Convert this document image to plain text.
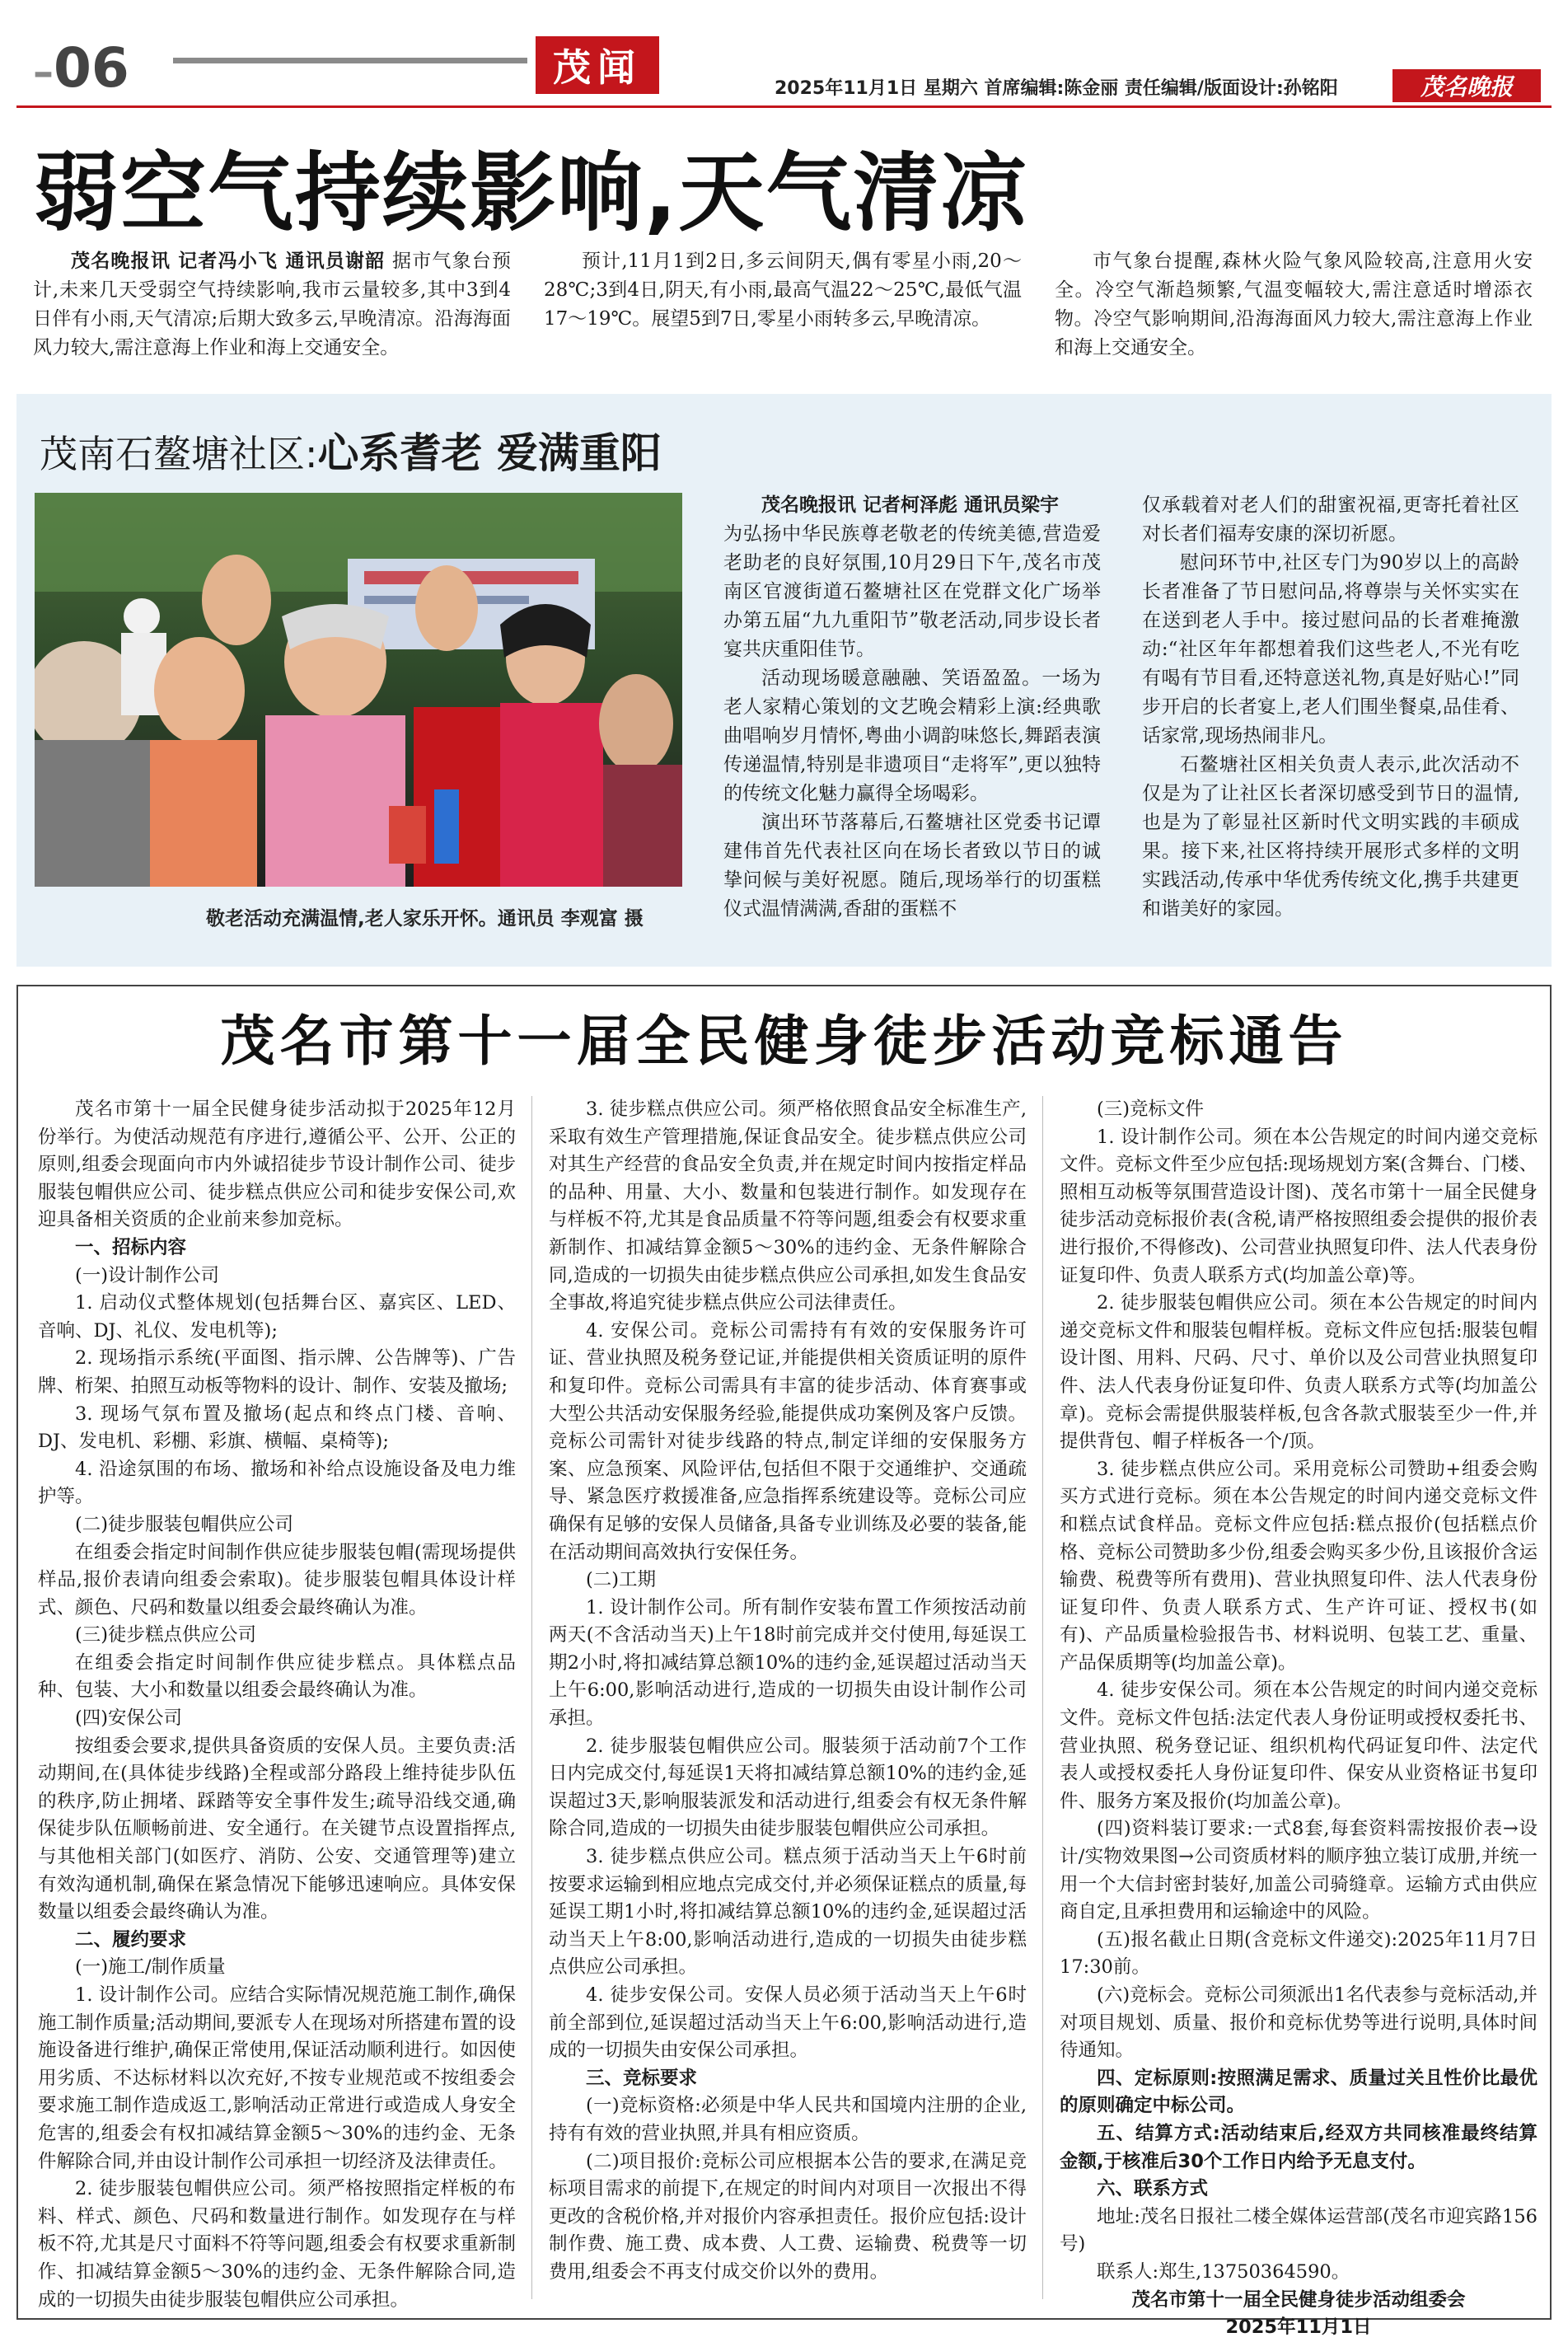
–06	茂闻	2025年11月1日 星期六 首席编辑:陈金丽 责任编辑/版面设计:孙铭阳	茂名晚报
弱空气持续影响,天气清凉
茂名晚报讯 记者冯小飞 通讯员谢韶 据市气象台预计,未来几天受弱空气持续影响,我市云量较多,其中3到4日伴有小雨,天气清凉;后期大致多云,早晚清凉。沿海海面风力较大,需注意海上作业和海上交通安全。
预计,11月1到2日,多云间阴天,偶有零星小雨,20～28℃;3到4日,阴天,有小雨,最高气温22～25℃,最低气温17～19℃。展望5到7日,零星小雨转多云,早晚清凉。
市气象台提醒,森林火险气象风险较高,注意用火安全。冷空气渐趋频繁,气温变幅较大,需注意适时增添衣物。冷空气影响期间,沿海海面风力较大,需注意海上作业和海上交通安全。
茂南石鳌塘社区:心系耆老 爱满重阳
敬老活动充满温情,老人家乐开怀。通讯员 李观富 摄
茂名晚报讯 记者柯泽彪 通讯员梁宇
为弘扬中华民族尊老敬老的传统美德,营造爱老助老的良好氛围,10月29日下午,茂名市茂南区官渡街道石鳌塘社区在党群文化广场举办第五届“九九重阳节”敬老活动,同步设长者宴共庆重阳佳节。
活动现场暖意融融、笑语盈盈。一场为老人家精心策划的文艺晚会精彩上演:经典歌曲唱响岁月情怀,粤曲小调韵味悠长,舞蹈表演传递温情,特别是非遗项目“走将军”,更以独特的传统文化魅力赢得全场喝彩。
演出环节落幕后,石鳌塘社区党委书记谭建伟首先代表社区向在场长者致以节日的诚挚问候与美好祝愿。随后,现场举行的切蛋糕仪式温情满满,香甜的蛋糕不
仅承载着对老人们的甜蜜祝福,更寄托着社区对长者们福寿安康的深切祈愿。
慰问环节中,社区专门为90岁以上的高龄长者准备了节日慰问品,将尊崇与关怀实实在在送到老人手中。接过慰问品的长者难掩激动:“社区年年都想着我们这些老人,不光有吃有喝有节目看,还特意送礼物,真是好贴心!”同步开启的长者宴上,老人们围坐餐桌,品佳肴、话家常,现场热闹非凡。
石鳌塘社区相关负责人表示,此次活动不仅是为了让社区长者深切感受到节日的温情,也是为了彰显社区新时代文明实践的丰硕成果。接下来,社区将持续开展形式多样的文明实践活动,传承中华优秀传统文化,携手共建更和谐美好的家园。
茂名市第十一届全民健身徒步活动竞标通告

茂名市第十一届全民健身徒步活动拟于2025年12月份举行。为使活动规范有序进行,遵循公平、公开、公正的原则,组委会现面向市内外诚招徒步节设计制作公司、徒步服装包帽供应公司、徒步糕点供应公司和徒步安保公司,欢迎具备相关资质的企业前来参加竞标。

一、招标内容

(一)设计制作公司

1. 启动仪式整体规划(包括舞台区、嘉宾区、LED、音响、DJ、礼仪、发电机等);

2. 现场指示系统(平面图、指示牌、公告牌等)、广告牌、桁架、拍照互动板等物料的设计、制作、安装及撤场;

3. 现场气氛布置及撤场(起点和终点门楼、音响、DJ、发电机、彩棚、彩旗、横幅、桌椅等);

4. 沿途氛围的布场、撤场和补给点设施设备及电力维护等。

(二)徒步服装包帽供应公司

在组委会指定时间制作供应徒步服装包帽(需现场提供样品,报价表请向组委会索取)。徒步服装包帽具体设计样式、颜色、尺码和数量以组委会最终确认为准。

(三)徒步糕点供应公司

在组委会指定时间制作供应徒步糕点。具体糕点品种、包装、大小和数量以组委会最终确认为准。

(四)安保公司

按组委会要求,提供具备资质的安保人员。主要负责:活动期间,在(具体徒步线路)全程或部分路段上维持徒步队伍的秩序,防止拥堵、踩踏等安全事件发生;疏导沿线交通,确保徒步队伍顺畅前进、安全通行。在关键节点设置指挥点,与其他相关部门(如医疗、消防、公安、交通管理等)建立有效沟通机制,确保在紧急情况下能够迅速响应。具体安保数量以组委会最终确认为准。

二、履约要求

(一)施工/制作质量

1. 设计制作公司。应结合实际情况规范施工制作,确保施工制作质量;活动期间,要派专人在现场对所搭建布置的设施设备进行维护,确保正常使用,保证活动顺利进行。如因使用劣质、不达标材料以次充好,不按专业规范或不按组委会要求施工制作造成返工,影响活动正常进行或造成人身安全危害的,组委会有权扣减结算金额5～30%的违约金、无条件解除合同,并由设计制作公司承担一切经济及法律责任。

2. 徒步服装包帽供应公司。须严格按照指定样板的布料、样式、颜色、尺码和数量进行制作。如发现存在与样板不符,尤其是尺寸面料不符等问题,组委会有权要求重新制作、扣减结算金额5～30%的违约金、无条件解除合同,造成的一切损失由徒步服装包帽供应公司承担。

3. 徒步糕点供应公司。须严格依照食品安全标准生产,采取有效生产管理措施,保证食品安全。徒步糕点供应公司对其生产经营的食品安全负责,并在规定时间内按指定样品的品种、用量、大小、数量和包装进行制作。如发现存在与样板不符,尤其是食品质量不符等问题,组委会有权要求重新制作、扣减结算金额5～30%的违约金、无条件解除合同,造成的一切损失由徒步糕点供应公司承担,如发生食品安全事故,将追究徒步糕点供应公司法律责任。

4. 安保公司。竞标公司需持有有效的安保服务许可证、营业执照及税务登记证,并能提供相关资质证明的原件和复印件。竞标公司需具有丰富的徒步活动、体育赛事或大型公共活动安保服务经验,能提供成功案例及客户反馈。竞标公司需针对徒步线路的特点,制定详细的安保服务方案、应急预案、风险评估,包括但不限于交通维护、交通疏导、紧急医疗救援准备,应急指挥系统建设等。竞标公司应确保有足够的安保人员储备,具备专业训练及必要的装备,能在活动期间高效执行安保任务。

(二)工期

1. 设计制作公司。所有制作安装布置工作须按活动前两天(不含活动当天)上午18时前完成并交付使用,每延误工期2小时,将扣减结算总额10%的违约金,延误超过活动当天上午6:00,影响活动进行,造成的一切损失由设计制作公司承担。

2. 徒步服装包帽供应公司。服装须于活动前7个工作日内完成交付,每延误1天将扣减结算总额10%的违约金,延误超过3天,影响服装派发和活动进行,组委会有权无条件解除合同,造成的一切损失由徒步服装包帽供应公司承担。

3. 徒步糕点供应公司。糕点须于活动当天上午6时前按要求运输到相应地点完成交付,并必须保证糕点的质量,每延误工期1小时,将扣减结算总额10%的违约金,延误超过活动当天上午8:00,影响活动进行,造成的一切损失由徒步糕点供应公司承担。

4. 徒步安保公司。安保人员必须于活动当天上午6时前全部到位,延误超过活动当天上午6:00,影响活动进行,造成的一切损失由安保公司承担。

三、竞标要求

(一)竞标资格:必须是中华人民共和国境内注册的企业,持有有效的营业执照,并具有相应资质。

(二)项目报价:竞标公司应根据本公告的要求,在满足竞标项目需求的前提下,在规定的时间内对项目一次报出不得更改的含税价格,并对报价内容承担责任。报价应包括:设计制作费、施工费、成本费、人工费、运输费、税费等一切费用,组委会不再支付成交价以外的费用。

(三)竞标文件

1. 设计制作公司。须在本公告规定的时间内递交竞标文件。竞标文件至少应包括:现场规划方案(含舞台、门楼、照相互动板等氛围营造设计图)、茂名市第十一届全民健身徒步活动竞标报价表(含税,请严格按照组委会提供的报价表进行报价,不得修改)、公司营业执照复印件、法人代表身份证复印件、负责人联系方式(均加盖公章)等。

2. 徒步服装包帽供应公司。须在本公告规定的时间内递交竞标文件和服装包帽样板。竞标文件应包括:服装包帽设计图、用料、尺码、尺寸、单价以及公司营业执照复印件、法人代表身份证复印件、负责人联系方式等(均加盖公章)。竞标会需提供服装样板,包含各款式服装至少一件,并提供背包、帽子样板各一个/顶。

3. 徒步糕点供应公司。采用竞标公司赞助+组委会购买方式进行竞标。须在本公告规定的时间内递交竞标文件和糕点试食样品。竞标文件应包括:糕点报价(包括糕点价格、竞标公司赞助多少份,组委会购买多少份,且该报价含运输费、税费等所有费用)、营业执照复印件、法人代表身份证复印件、负责人联系方式、生产许可证、授权书(如有)、产品质量检验报告书、材料说明、包装工艺、重量、产品保质期等(均加盖公章)。

4. 徒步安保公司。须在本公告规定的时间内递交竞标文件。竞标文件包括:法定代表人身份证明或授权委托书、营业执照、税务登记证、组织机构代码证复印件、法定代表人或授权委托人身份证复印件、保安从业资格证书复印件、服务方案及报价(均加盖公章)。

(四)资料装订要求:一式8套,每套资料需按报价表→设计/实物效果图→公司资质材料的顺序独立装订成册,并统一用一个大信封密封装好,加盖公司骑缝章。运输方式由供应商自定,且承担费用和运输途中的风险。

(五)报名截止日期(含竞标文件递交):2025年11月7日17:30前。

(六)竞标会。竞标公司须派出1名代表参与竞标活动,并对项目规划、质量、报价和竞标优势等进行说明,具体时间待通知。

四、定标原则:按照满足需求、质量过关且性价比最优的原则确定中标公司。

五、结算方式:活动结束后,经双方共同核准最终结算金额,于核准后30个工作日内给予无息支付。

六、联系方式

地址:茂名日报社二楼全媒体运营部(茂名市迎宾路156号)

联系人:郑生,13750364590。

茂名市第十一届全民健身徒步活动组委会

2025年11月1日
